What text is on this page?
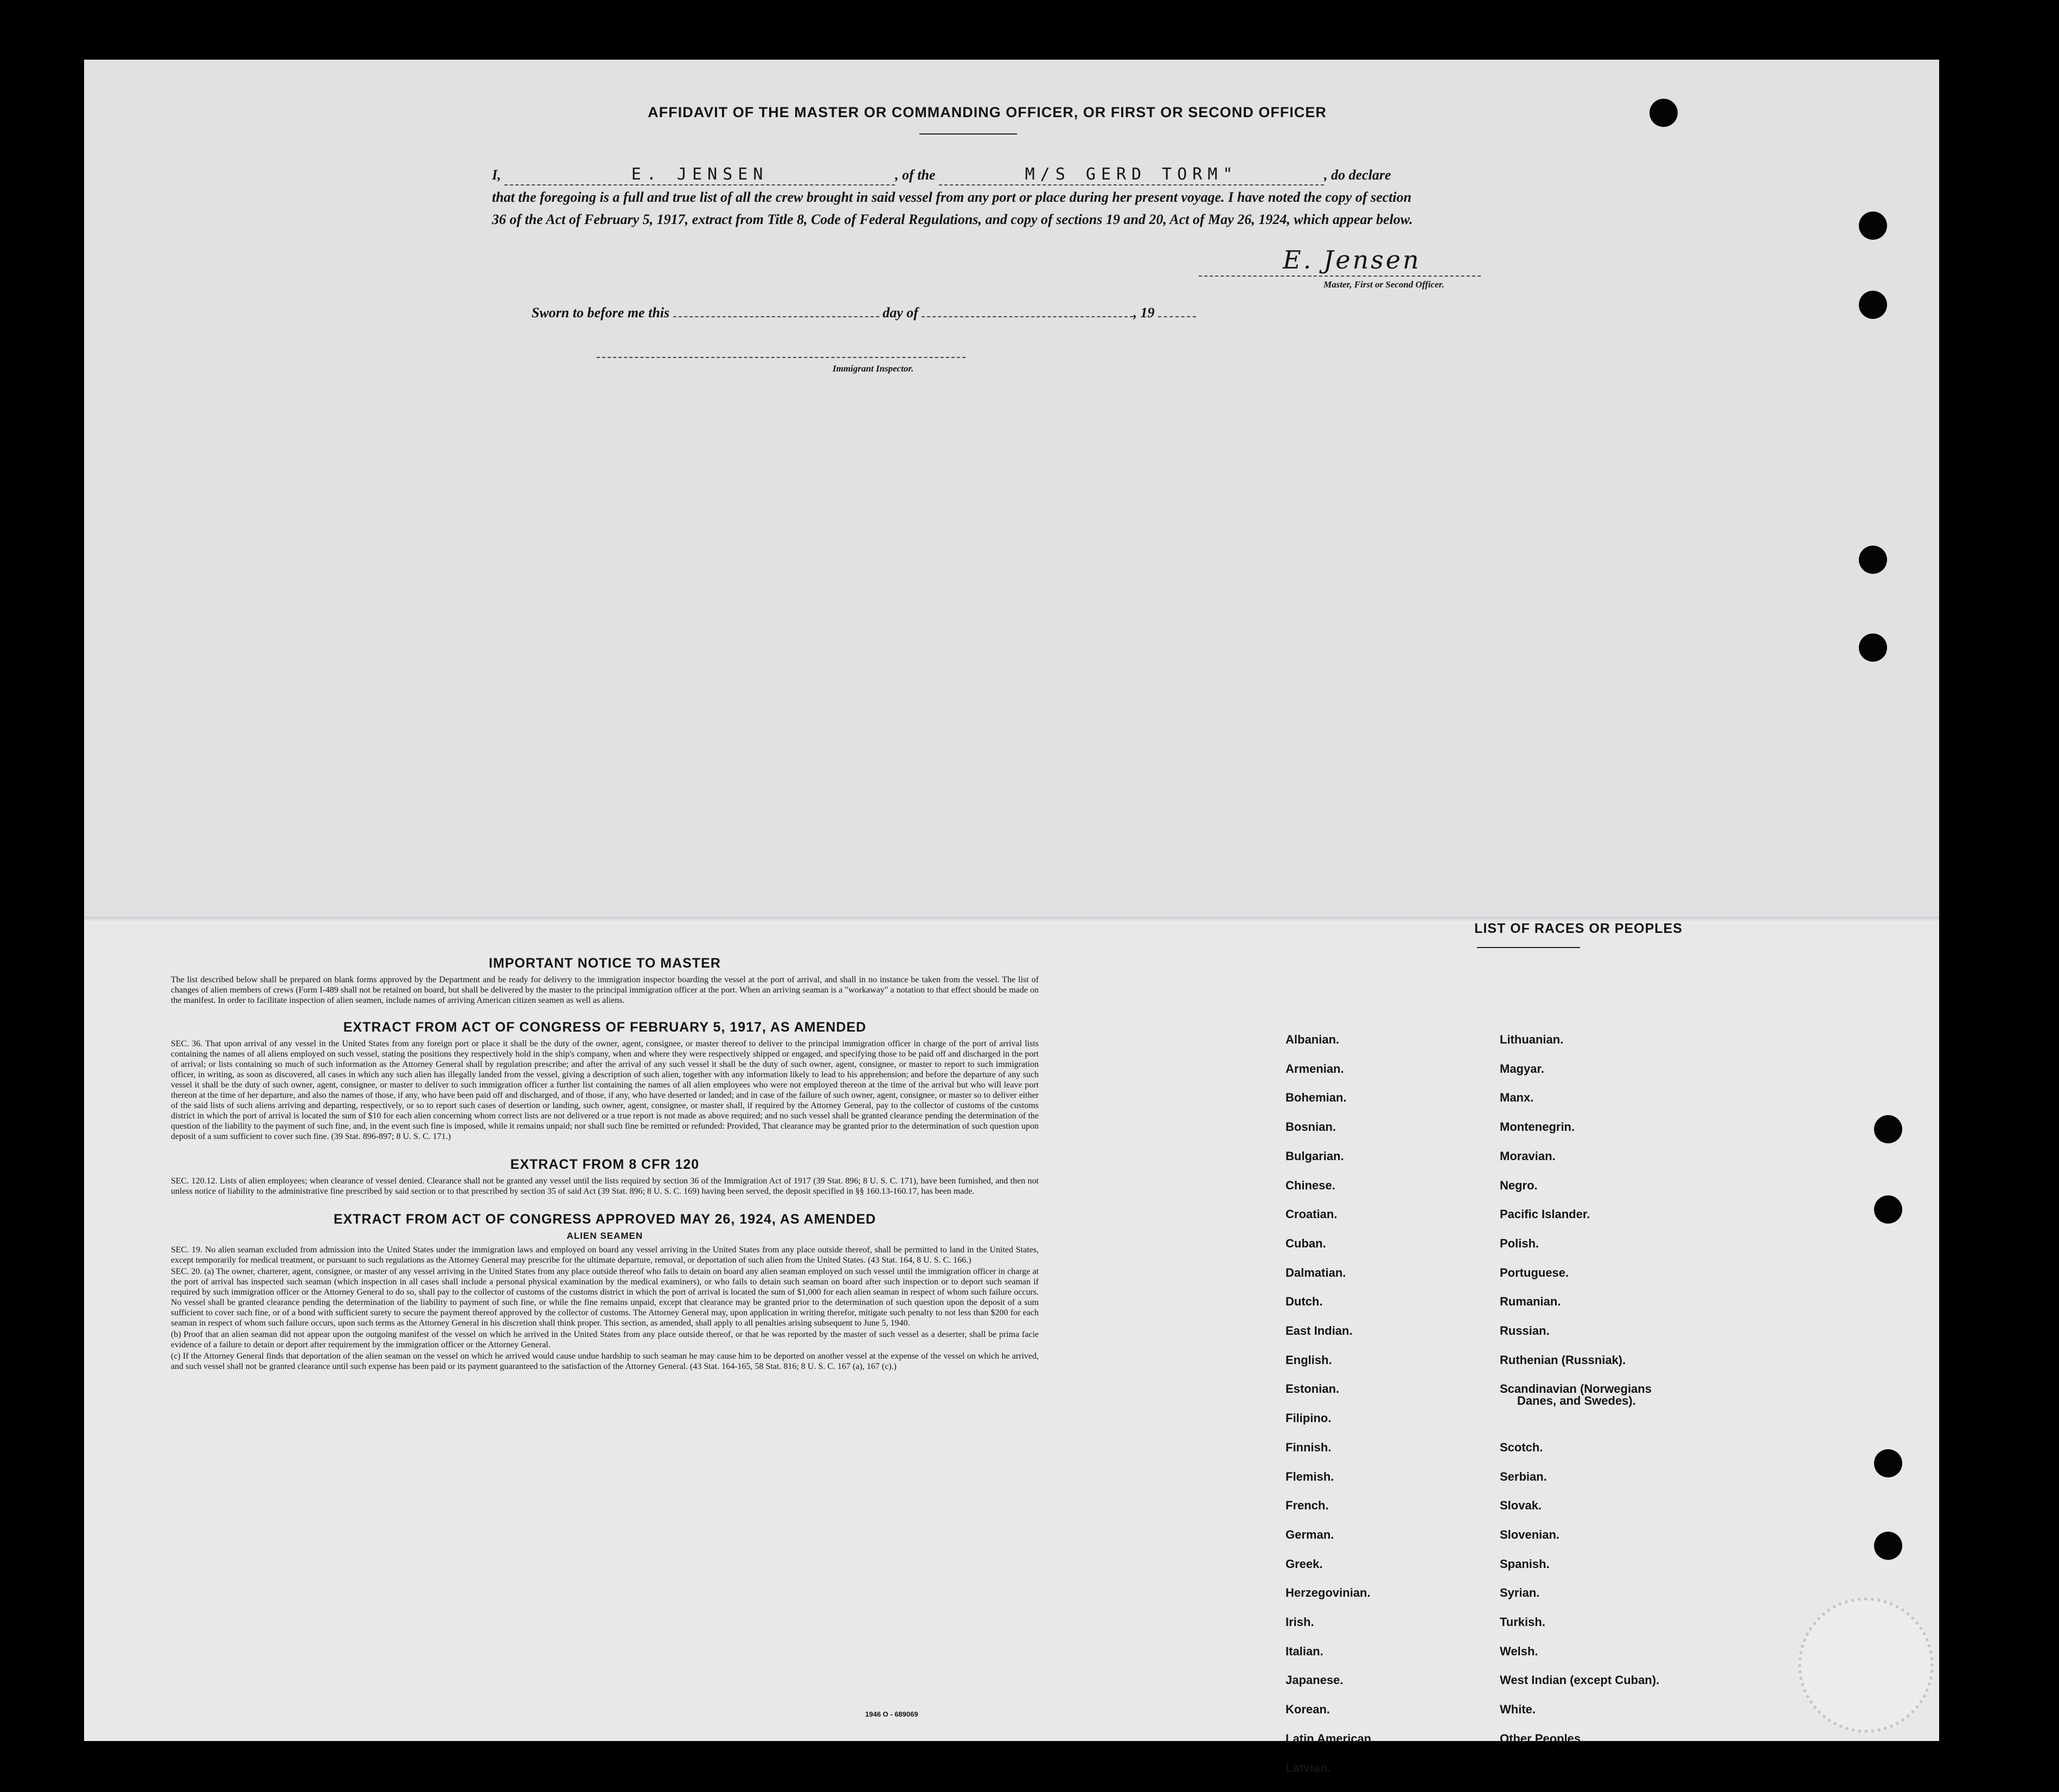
AFFIDAVIT OF THE MASTER OR COMMANDING OFFICER, OR FIRST OR SECOND OFFICER
I,	E. JENSEN	, of the	M/S GERD TORM"	, do declare
that the foregoing is a full and true list of all the crew brought in said vessel from any port or place during her present voyage. I have noted the copy of section 36 of the Act of February 5, 1917, extract from Title 8, Code of Federal Regulations, and copy of sections 19 and 20, Act of May 26, 1924, which appear below.
E. Jensen
Master, First or Second Officer.
Sworn to before me this	day of	, 19
Immigrant Inspector.
IMPORTANT NOTICE TO MASTER
The list described below shall be prepared on blank forms approved by the Department and be ready for delivery to the immigration inspector boarding the vessel at the port of arrival, and shall in no instance be taken from the vessel. The list of changes of alien members of crews (Form I-489 shall not be retained on board, but shall be delivered by the master to the principal immigration officer at the port. When an arriving seaman is a "workaway" a notation to that effect should be made on the manifest. In order to facilitate inspection of alien seamen, include names of arriving American citizen seamen as well as aliens.
EXTRACT FROM ACT OF CONGRESS OF FEBRUARY 5, 1917, AS AMENDED
SEC. 36. That upon arrival of any vessel in the United States from any foreign port or place it shall be the duty of the owner, agent, consignee, or master thereof to deliver to the principal immigration officer in charge of the port of arrival lists containing the names of all aliens employed on such vessel, stating the positions they respectively hold in the ship's company, when and where they were respectively shipped or engaged, and specifying those to be paid off and discharged in the port of arrival; or lists containing so much of such information as the Attorney General shall by regulation prescribe; and after the arrival of any such vessel it shall be the duty of such owner, agent, consignee, or master to report to such immigration officer, in writing, as soon as discovered, all cases in which any such alien has illegally landed from the vessel, giving a description of such alien, together with any information likely to lead to his apprehension; and before the departure of any such vessel it shall be the duty of such owner, agent, consignee, or master to deliver to such immigration officer a further list containing the names of all alien employees who were not employed thereon at the time of the arrival but who will leave port thereon at the time of her departure, and also the names of those, if any, who have been paid off and discharged, and of those, if any, who have deserted or landed; and in case of the failure of such owner, agent, consignee, or master so to deliver either of the said lists of such aliens arriving and departing, respectively, or so to report such cases of desertion or landing, such owner, agent, consignee, or master shall, if required by the Attorney General, pay to the collector of customs of the customs district in which the port of arrival is located the sum of $10 for each alien concerning whom correct lists are not delivered or a true report is not made as above required; and no such vessel shall be granted clearance pending the determination of the question of the liability to the payment of such fine, and, in the event such fine is imposed, while it remains unpaid; nor shall such fine be remitted or refunded: Provided, That clearance may be granted prior to the determination of such question upon deposit of a sum sufficient to cover such fine. (39 Stat. 896-897; 8 U. S. C. 171.)
EXTRACT FROM 8 CFR 120
SEC. 120.12. Lists of alien employees; when clearance of vessel denied. Clearance shall not be granted any vessel until the lists required by section 36 of the Immigration Act of 1917 (39 Stat. 896; 8 U. S. C. 171), have been furnished, and then not unless notice of liability to the administrative fine prescribed by said section or to that prescribed by section 35 of said Act (39 Stat. 896; 8 U. S. C. 169) having been served, the deposit specified in §§ 160.13-160.17, has been made.
EXTRACT FROM ACT OF CONGRESS APPROVED MAY 26, 1924, AS AMENDED
ALIEN SEAMEN
SEC. 19. No alien seaman excluded from admission into the United States under the immigration laws and employed on board any vessel arriving in the United States from any place outside thereof, shall be permitted to land in the United States, except temporarily for medical treatment, or pursuant to such regulations as the Attorney General may prescribe for the ultimate departure, removal, or deportation of such alien from the United States. (43 Stat. 164, 8 U. S. C. 166.)
SEC. 20. (a) The owner, charterer, agent, consignee, or master of any vessel arriving in the United States from any place outside thereof who fails to detain on board any alien seaman employed on such vessel until the immigration officer in charge at the port of arrival has inspected such seaman (which inspection in all cases shall include a personal physical examination by the medical examiners), or who fails to detain such seaman on board after such inspection or to deport such seaman if required by such immigration officer or the Attorney General to do so, shall pay to the collector of customs of the customs district in which the port of arrival is located the sum of $1,000 for each alien seaman in respect of whom such failure occurs. No vessel shall be granted clearance pending the determination of the liability to payment of such fine, or while the fine remains unpaid, except that clearance may be granted prior to the determination of such question upon the deposit of a sum sufficient to cover such fine, or of a bond with sufficient surety to secure the payment thereof approved by the collector of customs. The Attorney General may, upon application in writing therefor, mitigate such penalty to not less than $200 for each seaman in respect of whom such failure occurs, upon such terms as the Attorney General in his discretion shall think proper. This section, as amended, shall apply to all penalties arising subsequent to June 5, 1940.
(b) Proof that an alien seaman did not appear upon the outgoing manifest of the vessel on which he arrived in the United States from any place outside thereof, or that he was reported by the master of such vessel as a deserter, shall be prima facie evidence of a failure to detain or deport after requirement by the immigration officer or the Attorney General.
(c) If the Attorney General finds that deportation of the alien seaman on the vessel on which he arrived would cause undue hardship to such seaman he may cause him to be deported on another vessel at the expense of the vessel on which he arrived, and such vessel shall not be granted clearance until such expense has been paid or its payment guaranteed to the satisfaction of the Attorney General. (43 Stat. 164-165, 58 Stat. 816; 8 U. S. C. 167 (a), 167 (c).)
1946 O - 689069
LIST OF RACES OR PEOPLES
Albanian.
Armenian.
Bohemian.
Bosnian.
Bulgarian.
Chinese.
Croatian.
Cuban.
Dalmatian.
Dutch.
East Indian.
English.
Estonian.
Filipino.
Finnish.
Flemish.
French.
German.
Greek.
Herzegovinian.
Irish.
Italian.
Japanese.
Korean.
Latin American.
Latvian.
Lithuanian.
Magyar.
Manx.
Montenegrin.
Moravian.
Negro.
Pacific Islander.
Polish.
Portuguese.
Rumanian.
Russian.
Ruthenian (Russniak).
Scandinavian (Norwegians
Danes, and Swedes).
Scotch.
Serbian.
Slovak.
Slovenian.
Spanish.
Syrian.
Turkish.
Welsh.
West Indian (except Cuban).
White.
Other Peoples.
